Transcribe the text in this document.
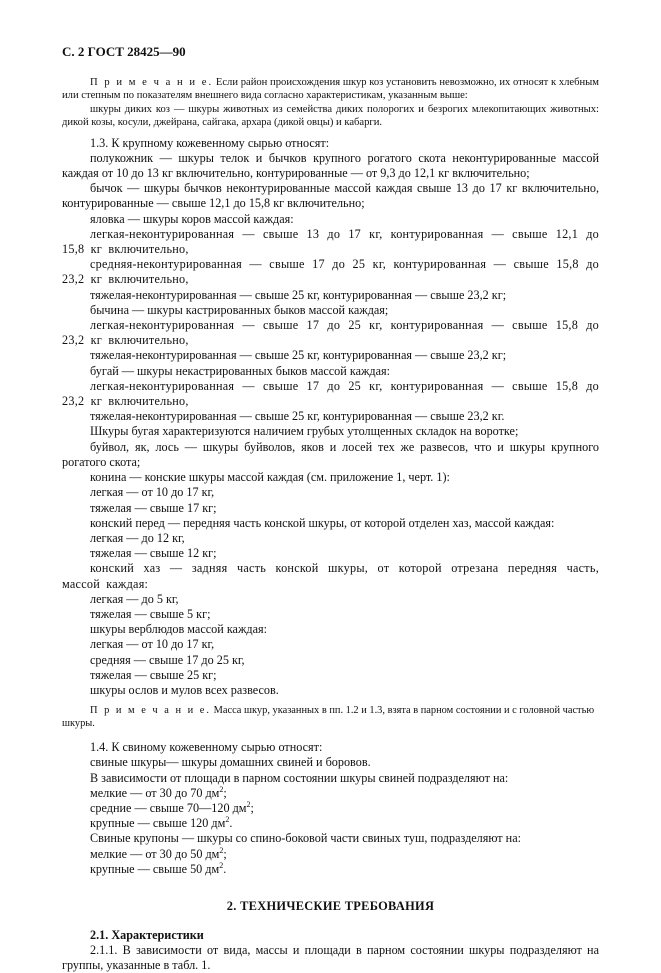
С. 2 ГОСТ 28425—90

П р и м е ч а н и е. Если район происхождения шкур коз установить невозможно, их относят к хлебным или степным по показателям внешнего вида согласно характеристикам, указанным выше:

шкуры диких коз — шкуры животных из семейства диких полорогих и безрогих млекопитающих животных: дикой козы, косули, джейрана, сайгака, архара (дикой овцы) и кабарги.

1.3. К крупному кожевенному сырью относят:

полукожник — шкуры телок и бычков крупного рогатого скота неконтурированные массой каждая от 10 до 13 кг включительно, контурированные — от 9,3 до 12,1 кг включительно;

бычок — шкуры бычков неконтурированные массой каждая свыше 13 до 17 кг включительно, контурированные — свыше 12,1 до 15,8 кг включительно;

яловка — шкуры коров массой каждая:

легкая-неконтурированная — свыше 13 до 17 кг, контурированная — свыше 12,1 до 15,8 кг включительно,

средняя-неконтурированная — свыше 17 до 25 кг, контурированная — свыше 15,8 до 23,2 кг включительно,

тяжелая-неконтурированная — свыше 25 кг, контурированная — свыше 23,2 кг;

бычина — шкуры кастрированных быков массой каждая;

легкая-неконтурированная — свыше 17 до 25 кг, контурированная — свыше 15,8 до 23,2 кг включительно,

тяжелая-неконтурированная — свыше 25 кг, контурированная — свыше 23,2 кг;

бугай — шкуры некастрированных быков массой каждая:

легкая-неконтурированная — свыше 17 до 25 кг, контурированная — свыше 15,8 до 23,2 кг включительно,

тяжелая-неконтурированная — свыше 25 кг, контурированная — свыше 23,2 кг.

Шкуры бугая характеризуются наличием грубых утолщенных складок на воротке;

буйвол, як, лось — шкуры буйволов, яков и лосей тех же развесов, что и шкуры крупного рогатого скота;

конина — конские шкуры массой каждая (см. приложение 1, черт. 1):

легкая — от 10 до 17 кг,

тяжелая — свыше 17 кг;

конский перед — передняя часть конской шкуры, от которой отделен хаз, массой каждая:

легкая — до 12 кг,

тяжелая — свыше 12 кг;

конский хаз — задняя часть конской шкуры, от которой отрезана передняя часть, массой каждая:

легкая — до 5 кг,

тяжелая — свыше 5 кг;

шкуры верблюдов массой каждая:

легкая — от 10 до 17 кг,

средняя — свыше 17 до 25 кг,

тяжелая — свыше 25 кг;

шкуры ослов и мулов всех развесов.

П р и м е ч а н и е. Масса шкур, указанных в пп. 1.2 и 1.3, взята в парном состоянии и с головной частью шкуры.

1.4. К свиному кожевенному сырью относят:

свиные шкуры— шкуры домашних свиней и боровов.

В зависимости от площади в парном состоянии шкуры свиней подразделяют на:

мелкие — от 30 до 70 $дм^2$;

средние — свыше 70—120 $дм^2$;

крупные — свыше 120 $дм^2$.

Свиные крупоны — шкуры со спино-боковой части свиных туш, подразделяют на:

мелкие — от 30 до 50 $дм^2$;

крупные — свыше 50 $дм^2$.

2. ТЕХНИЧЕСКИЕ ТРЕБОВАНИЯ

2.1. Характеристики

2.1.1. В зависимости от вида, массы и площади в парном состоянии шкуры подразделяют на группы, указанные в табл. 1.
